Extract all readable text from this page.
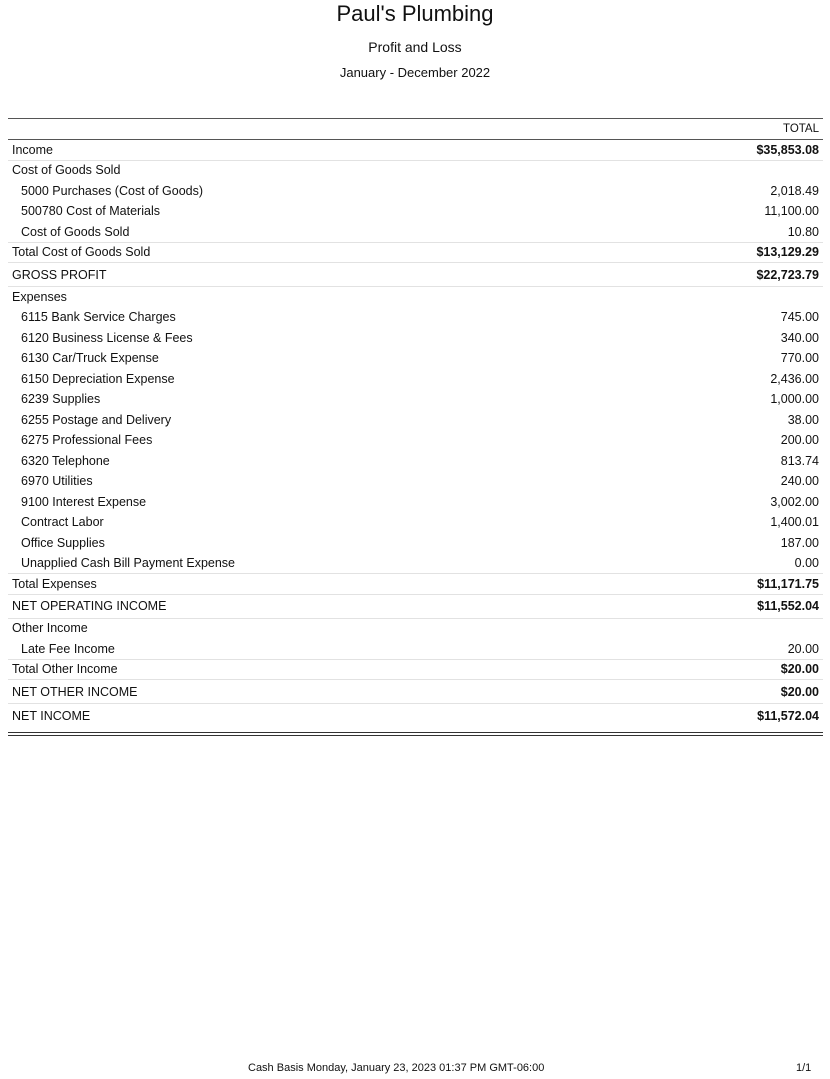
Paul's Plumbing
Profit and Loss
January - December 2022
TOTAL
Income	$35,853.08
Cost of Goods Sold
5000 Purchases (Cost of Goods)	2,018.49
500780 Cost of Materials	11,100.00
Cost of Goods Sold	10.80
Total Cost of Goods Sold	$13,129.29
GROSS PROFIT	$22,723.79
Expenses
6115 Bank Service Charges	745.00
6120 Business License & Fees	340.00
6130 Car/Truck Expense	770.00
6150 Depreciation Expense	2,436.00
6239 Supplies	1,000.00
6255 Postage and Delivery	38.00
6275 Professional Fees	200.00
6320 Telephone	813.74
6970 Utilities	240.00
9100 Interest Expense	3,002.00
Contract Labor	1,400.01
Office Supplies	187.00
Unapplied Cash Bill Payment Expense	0.00
Total Expenses	$11,171.75
NET OPERATING INCOME	$11,552.04
Other Income
Late Fee Income	20.00
Total Other Income	$20.00
NET OTHER INCOME	$20.00
NET INCOME	$11,572.04
Cash Basis Monday, January 23, 2023 01:37 PM GMT-06:00	1/1
